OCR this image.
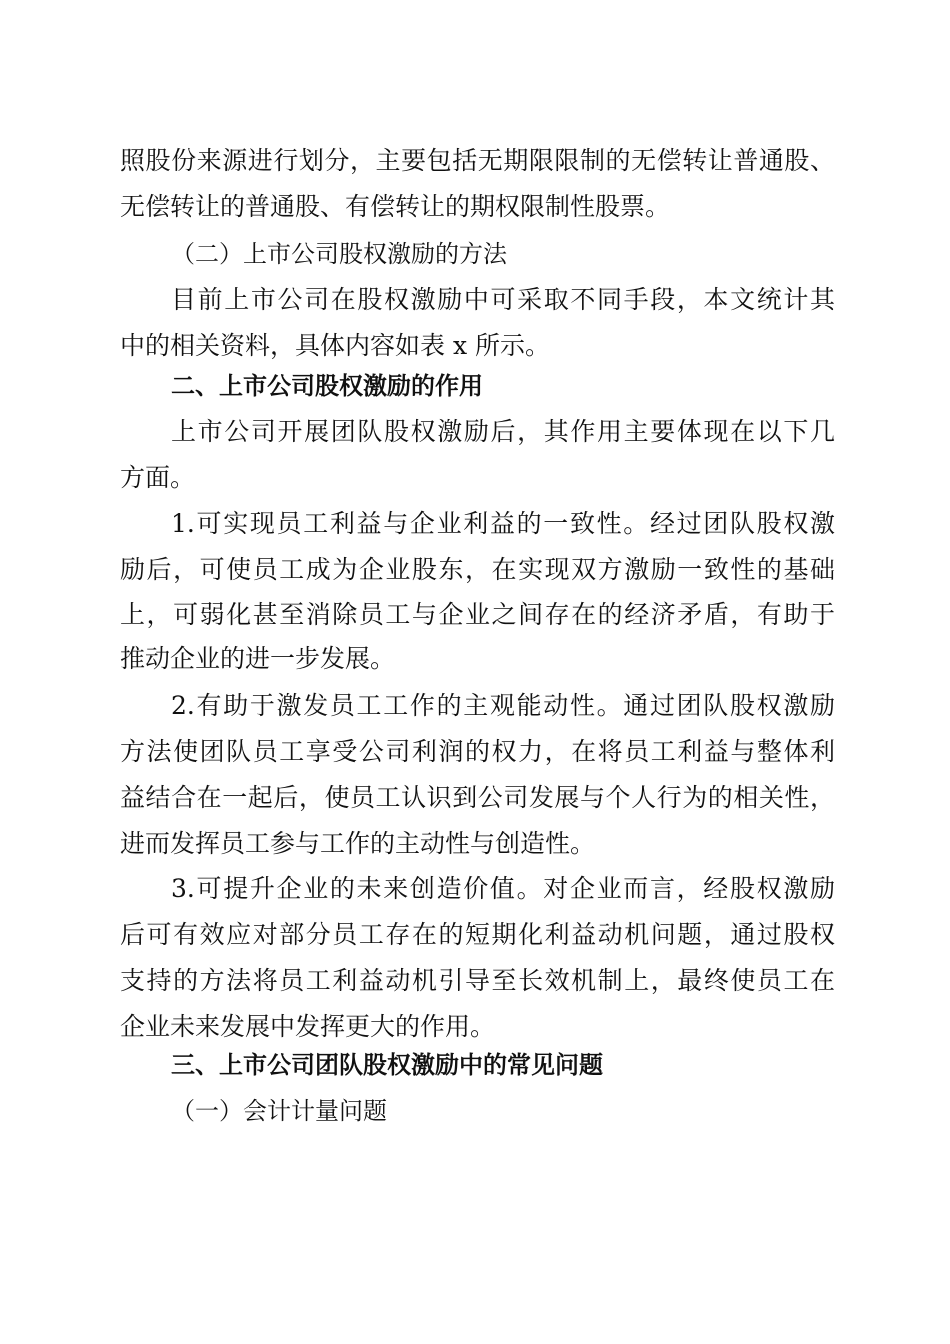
照股份来源进行划分，主要包括无期限限制的无偿转让普通股、
无偿转让的普通股、有偿转让的期权限制性股票。
（二）上市公司股权激励的方法
目前上市公司在股权激励中可采取不同手段，本文统计其
中的相关资料，具体内容如表 x 所示。
二、上市公司股权激励的作用
上市公司开展团队股权激励后，其作用主要体现在以下几
方面。
1.可实现员工利益与企业利益的一致性。经过团队股权激
励后，可使员工成为企业股东，在实现双方激励一致性的基础
上，可弱化甚至消除员工与企业之间存在的经济矛盾，有助于
推动企业的进一步发展。
2.有助于激发员工工作的主观能动性。通过团队股权激励
方法使团队员工享受公司利润的权力，在将员工利益与整体利
益结合在一起后，使员工认识到公司发展与个人行为的相关性，
进而发挥员工参与工作的主动性与创造性。
3.可提升企业的未来创造价值。对企业而言，经股权激励
后可有效应对部分员工存在的短期化利益动机问题，通过股权
支持的方法将员工利益动机引导至长效机制上，最终使员工在
企业未来发展中发挥更大的作用。
三、上市公司团队股权激励中的常见问题
（一）会计计量问题
